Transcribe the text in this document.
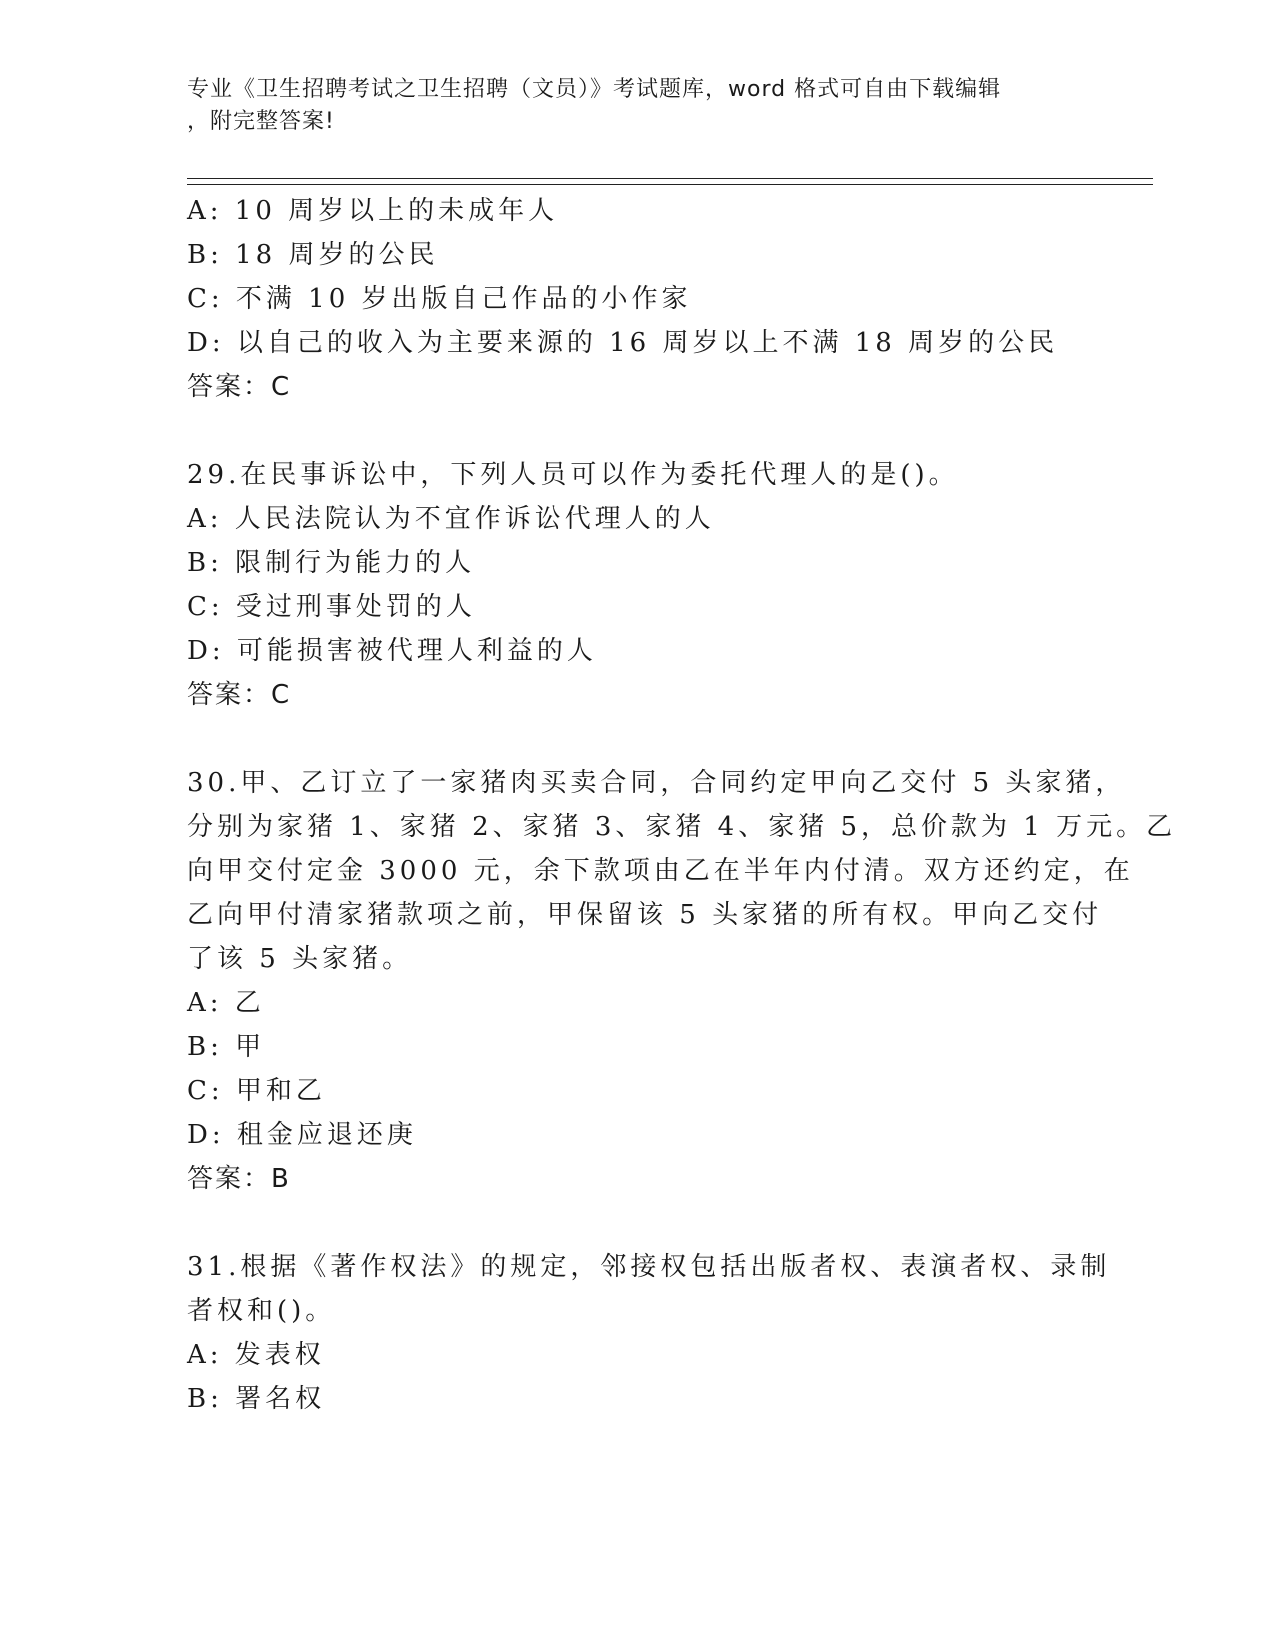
专业《卫生招聘考试之卫生招聘（文员）》考试题库，word 格式可自由下载编辑
，附完整答案!
A: 10 周岁以上的未成年人
B: 18 周岁的公民
C: 不满 10 岁出版自己作品的小作家
D: 以自己的收入为主要来源的 16 周岁以上不满 18 周岁的公民
答案：C
29.在民事诉讼中，下列人员可以作为委托代理人的是()。
A: 人民法院认为不宜作诉讼代理人的人
B: 限制行为能力的人
C: 受过刑事处罚的人
D: 可能损害被代理人利益的人
答案：C
30.甲、乙订立了一家猪肉买卖合同，合同约定甲向乙交付 5 头家猪，
分别为家猪 1、家猪 2、家猪 3、家猪 4、家猪 5，总价款为 1 万元。乙
向甲交付定金 3000 元，余下款项由乙在半年内付清。双方还约定，在
乙向甲付清家猪款项之前，甲保留该 5 头家猪的所有权。甲向乙交付
了该 5 头家猪。
A: 乙
B: 甲
C: 甲和乙
D: 租金应退还庚
答案：B
31.根据《著作权法》的规定，邻接权包括出版者权、表演者权、录制
者权和()。
A: 发表权
B: 署名权
